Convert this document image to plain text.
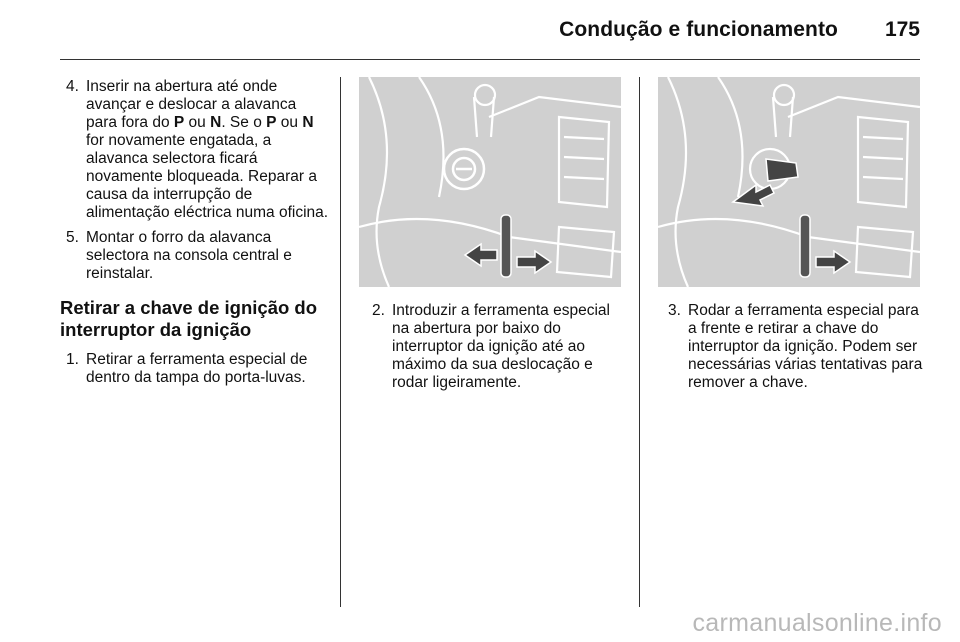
Condução e funcionamento 175
4. Inserir na abertura até onde avançar e deslocar a alavanca para fora do P ou N. Se o P ou N for novamente engatada, a alavanca selectora ficará novamente bloqueada. Reparar a causa da interrupção de alimentação eléctrica numa oficina.
5. Montar o forro da alavanca selectora na consola central e reinstalar.
Retirar a chave de ignição do interruptor da ignição
1. Retirar a ferramenta especial de dentro da tampa do porta-luvas.
2. Introduzir a ferramenta especial na abertura por baixo do interruptor da ignição até ao máximo da sua deslocação e rodar ligeiramente.
3. Rodar a ferramenta especial para a frente e retirar a chave do interruptor da ignição. Podem ser necessárias várias tentativas para remover a chave.
carmanualsonline.info
